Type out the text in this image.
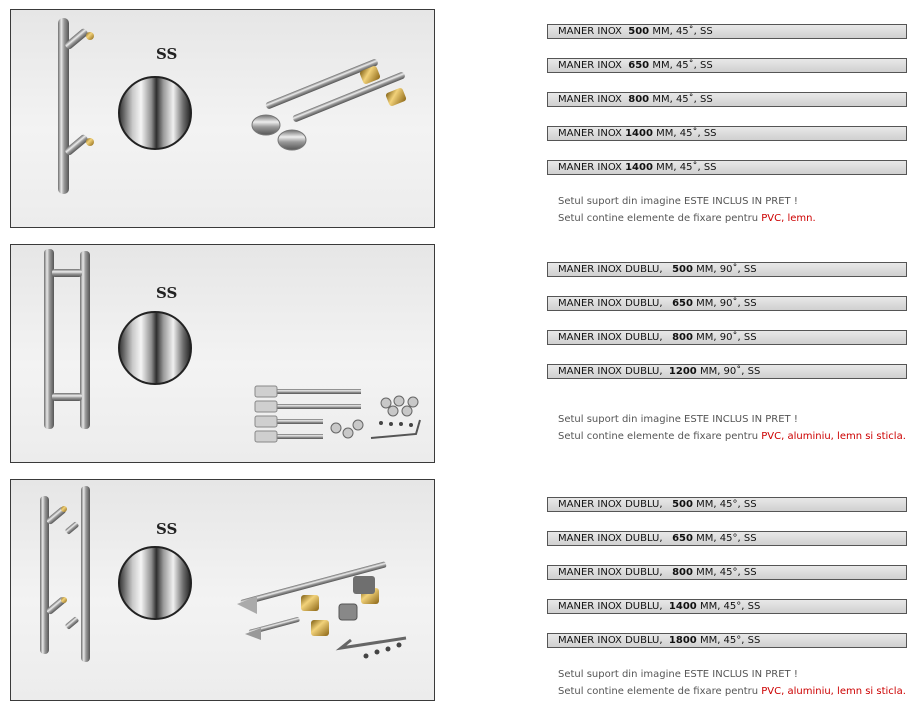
SS
SS
SS
MANER INOX 500 MM, 45˚, SS
MANER INOX 650 MM, 45˚, SS
MANER INOX 800 MM, 45˚, SS
MANER INOX 1400 MM, 45˚, SS
MANER INOX 1400 MM, 45˚, SS
Setul suport din imagine ESTE INCLUS IN PRET !
Setul contine elemente de fixare pentru PVC, lemn.
MANER INOX DUBLU, 500 MM, 90˚, SS
MANER INOX DUBLU, 650 MM, 90˚, SS
MANER INOX DUBLU, 800 MM, 90˚, SS
MANER INOX DUBLU, 1200 MM, 90˚, SS
Setul suport din imagine ESTE INCLUS IN PRET !
Setul contine elemente de fixare pentru PVC, aluminiu, lemn si sticla.
MANER INOX DUBLU, 500 MM, 45°, SS
MANER INOX DUBLU, 650 MM, 45°, SS
MANER INOX DUBLU, 800 MM, 45°, SS
MANER INOX DUBLU, 1400 MM, 45°, SS
MANER INOX DUBLU, 1800 MM, 45°, SS
Setul suport din imagine ESTE INCLUS IN PRET !
Setul contine elemente de fixare pentru PVC, aluminiu, lemn si sticla.
